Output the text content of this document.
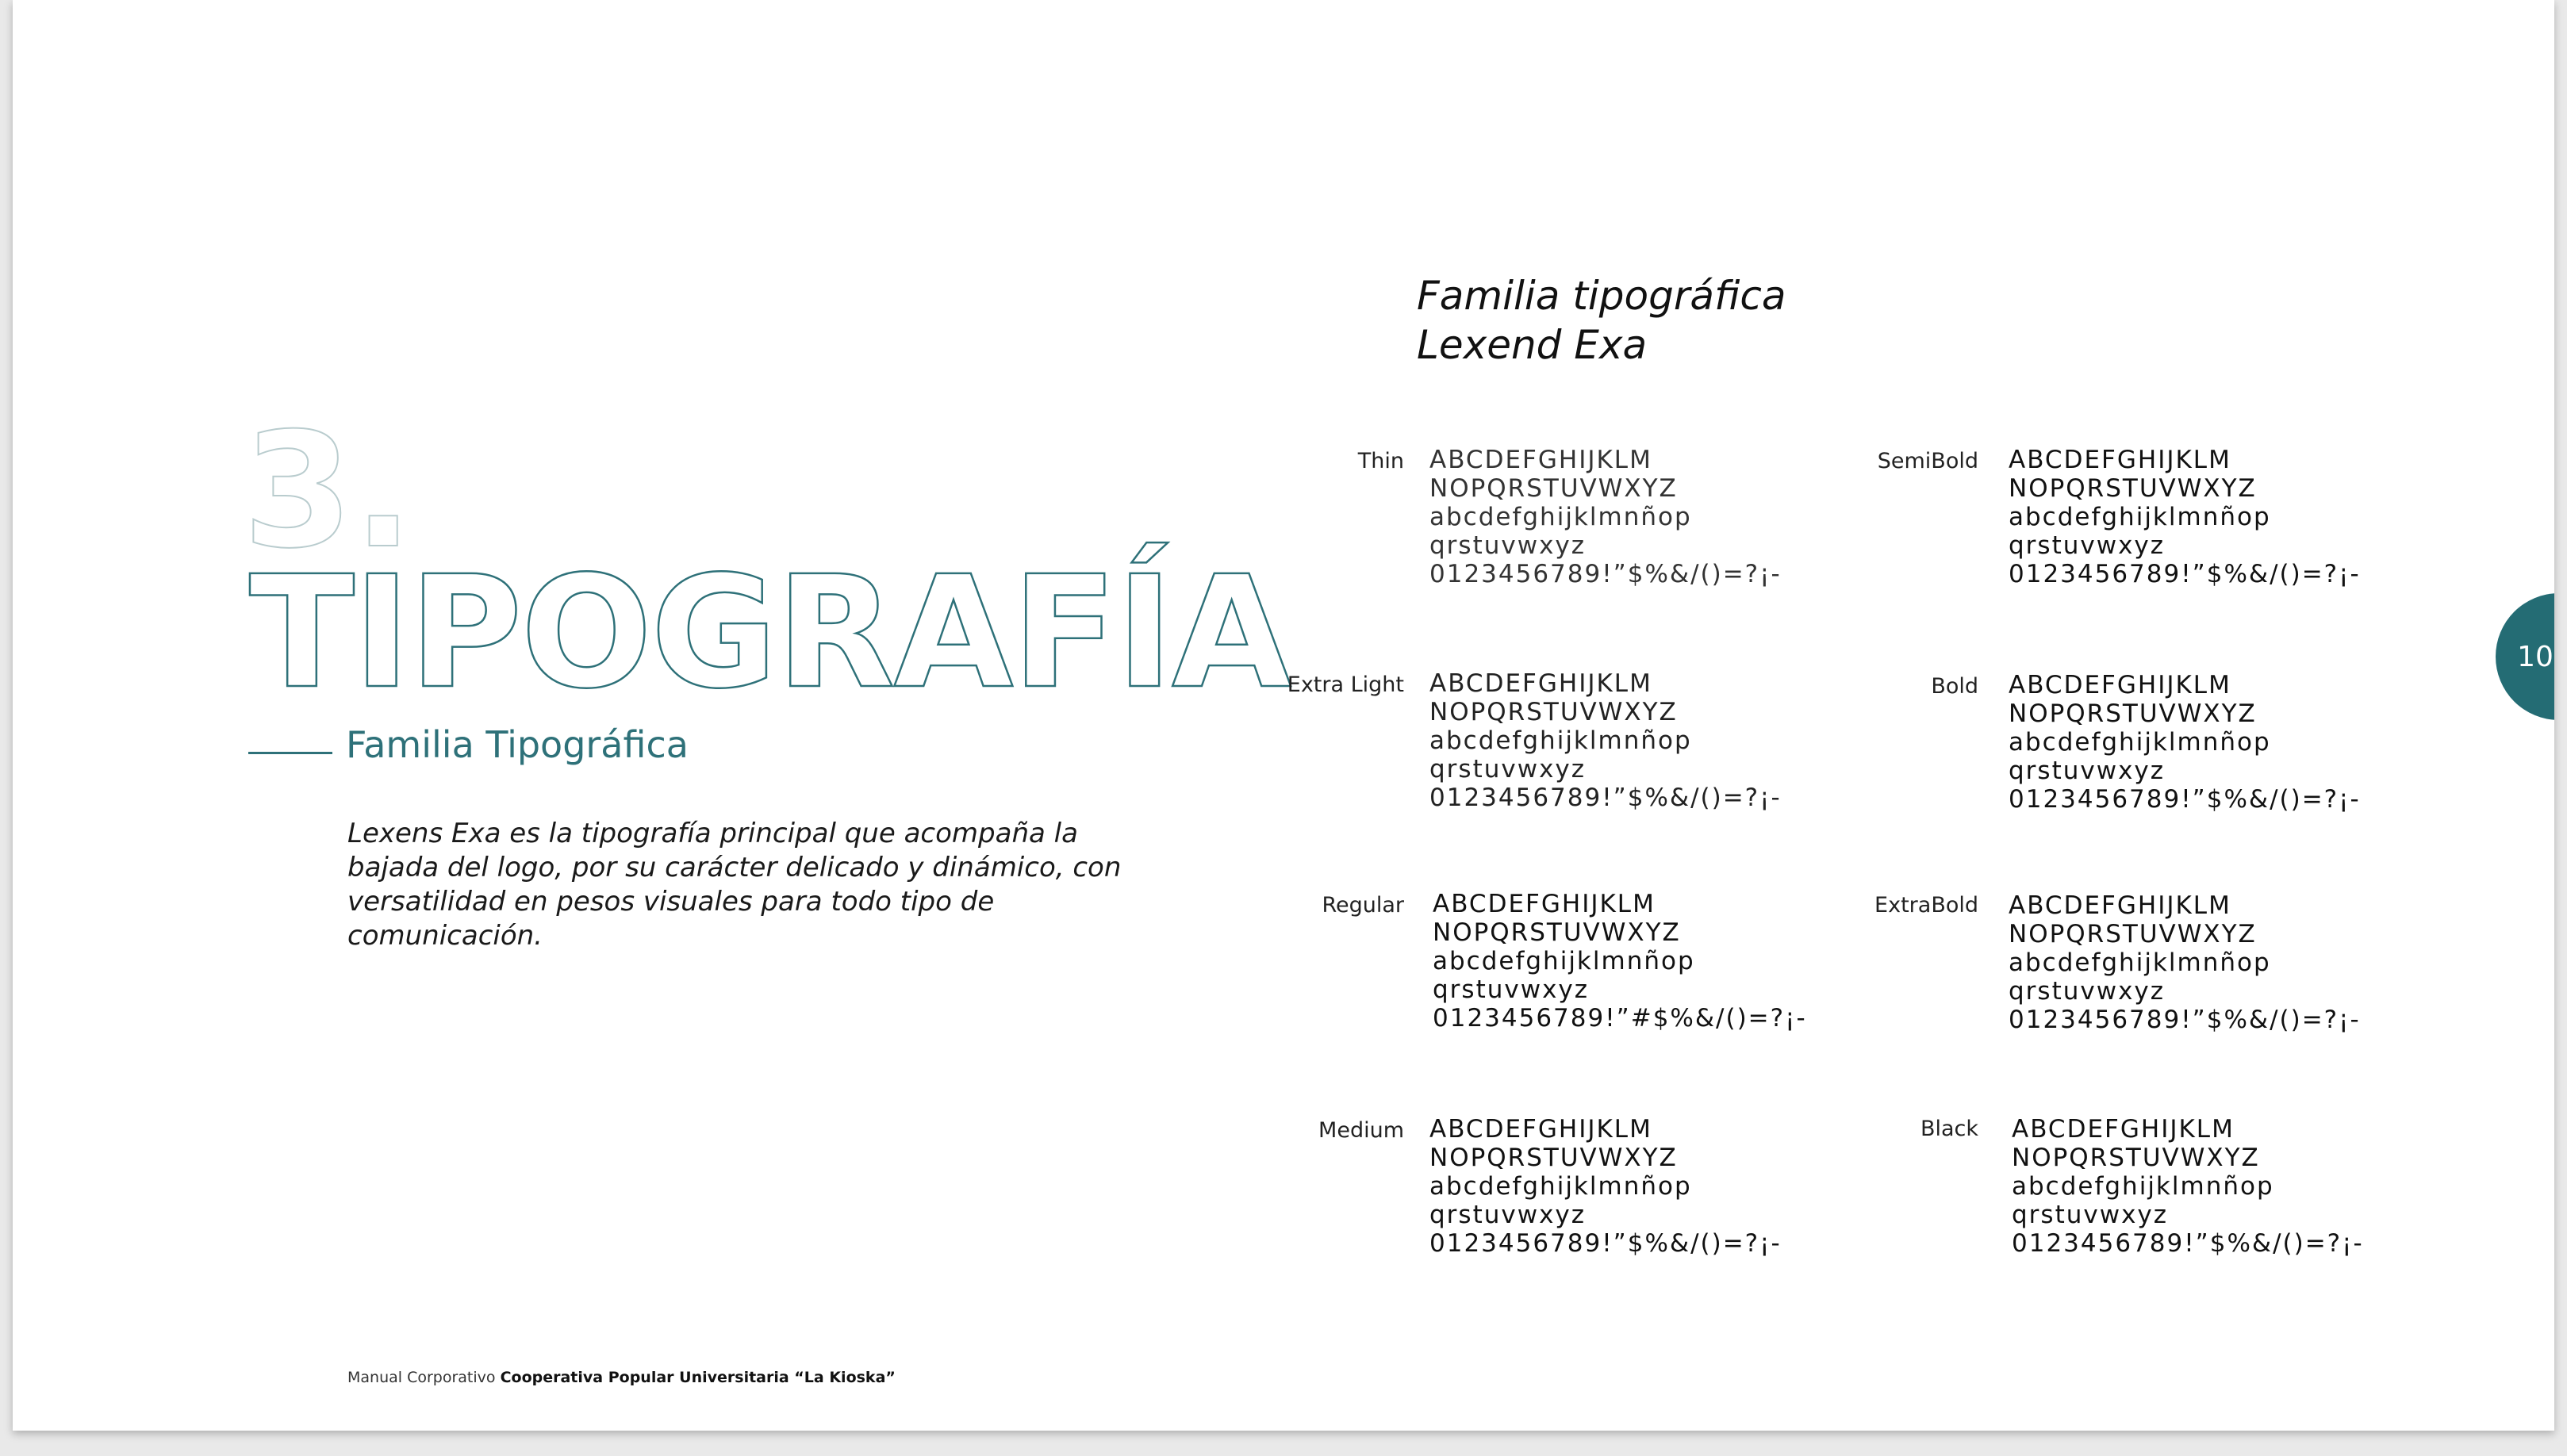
3.
TIPOGRAFÍA
Familia Tipográfica
Lexens Exa es la tipografía principal que acompaña la bajada del logo, por su carácter delicado y dinámico, con versatilidad en pesos visuales para todo tipo de comunicación.
Familia tipográfica
Lexend Exa
Thin ABCDEFGHIJKLM
NOPQRSTUVWXYZ
abcdefghijklmnñop
qrstuvwxyz
0123456789!”$%&/()=?¡-
Extra Light ABCDEFGHIJKLM
NOPQRSTUVWXYZ
abcdefghijklmnñop
qrstuvwxyz
0123456789!”$%&/()=?¡-
Regular ABCDEFGHIJKLM
NOPQRSTUVWXYZ
abcdefghijklmnñop
qrstuvwxyz
0123456789!”#$%&/()=?¡-
Medium ABCDEFGHIJKLM
NOPQRSTUVWXYZ
abcdefghijklmnñop
qrstuvwxyz
0123456789!”$%&/()=?¡-
SemiBold ABCDEFGHIJKLM
NOPQRSTUVWXYZ
abcdefghijklmnñop
qrstuvwxyz
0123456789!”$%&/()=?¡-
Bold ABCDEFGHIJKLM
NOPQRSTUVWXYZ
abcdefghijklmnñop
qrstuvwxyz
0123456789!”$%&/()=?¡-
ExtraBold ABCDEFGHIJKLM
NOPQRSTUVWXYZ
abcdefghijklmnñop
qrstuvwxyz
0123456789!”$%&/()=?¡-
Black ABCDEFGHIJKLM
NOPQRSTUVWXYZ
abcdefghijklmnñop
qrstuvwxyz
0123456789!”$%&/()=?¡-
10
Manual Corporativo Cooperativa Popular Universitaria “La Kioska”
